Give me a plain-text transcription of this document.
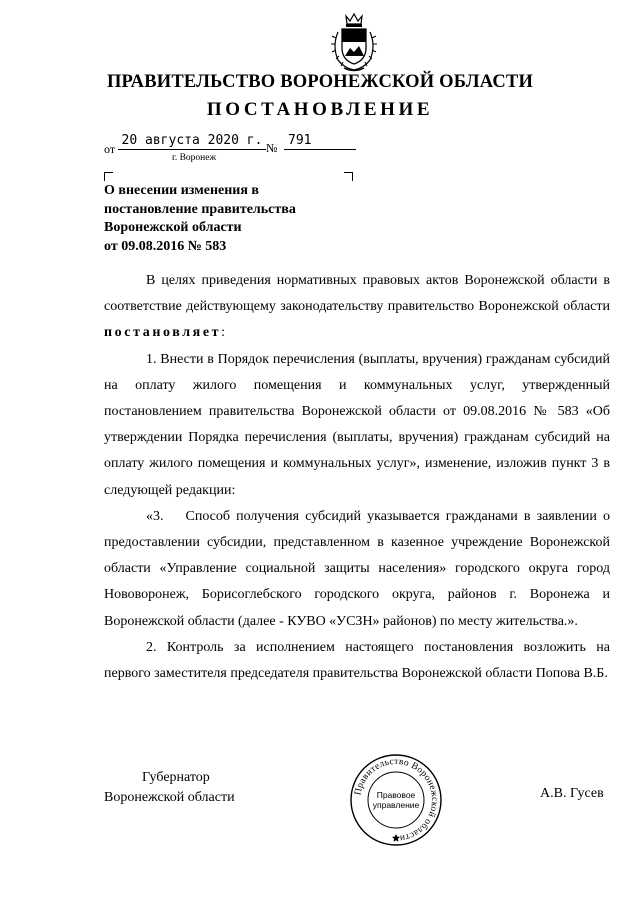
ПРАВИТЕЛЬСТВО ВОРОНЕЖСКОЙ ОБЛАСТИ
ПОСТАНОВЛЕНИЕ
от
20 августа 2020 г. № 791
г. Воронеж
О внесении изменения в
постановление правительства
Воронежской области
от 09.08.2016 № 583

В целях приведения нормативных правовых актов Воронежской области в соответствие действующему законодательству правительство Воронежской области постановляет:

1. Внести в Порядок перечисления (выплаты, вручения) гражданам субсидий на оплату жилого помещения и коммунальных услуг, утвержденный постановлением правительства Воронежской области от 09.08.2016 № 583 «Об утверждении Порядка перечисления (выплаты, вручения) гражданам субсидий на оплату жилого помещения и коммунальных услуг», изменение, изложив пункт 3 в следующей редакции:

«3. Способ получения субсидий указывается гражданами в заявлении о предоставлении субсидии, представленном в казенное учреждение Воронежской области «Управление социальной защиты населения» городского округа город Нововоронеж, Борисоглебского городского округа, районов г. Воронежа и Воронежской области (далее - КУВО «УСЗН» районов) по месту жительства.».

2. Контроль за исполнением настоящего постановления возложить на первого заместителя председателя правительства Воронежской области Попова В.Б.

Губернатор
Воронежской области	Правительство Воронежской области
Правовое
управление
А.В. Гусев
